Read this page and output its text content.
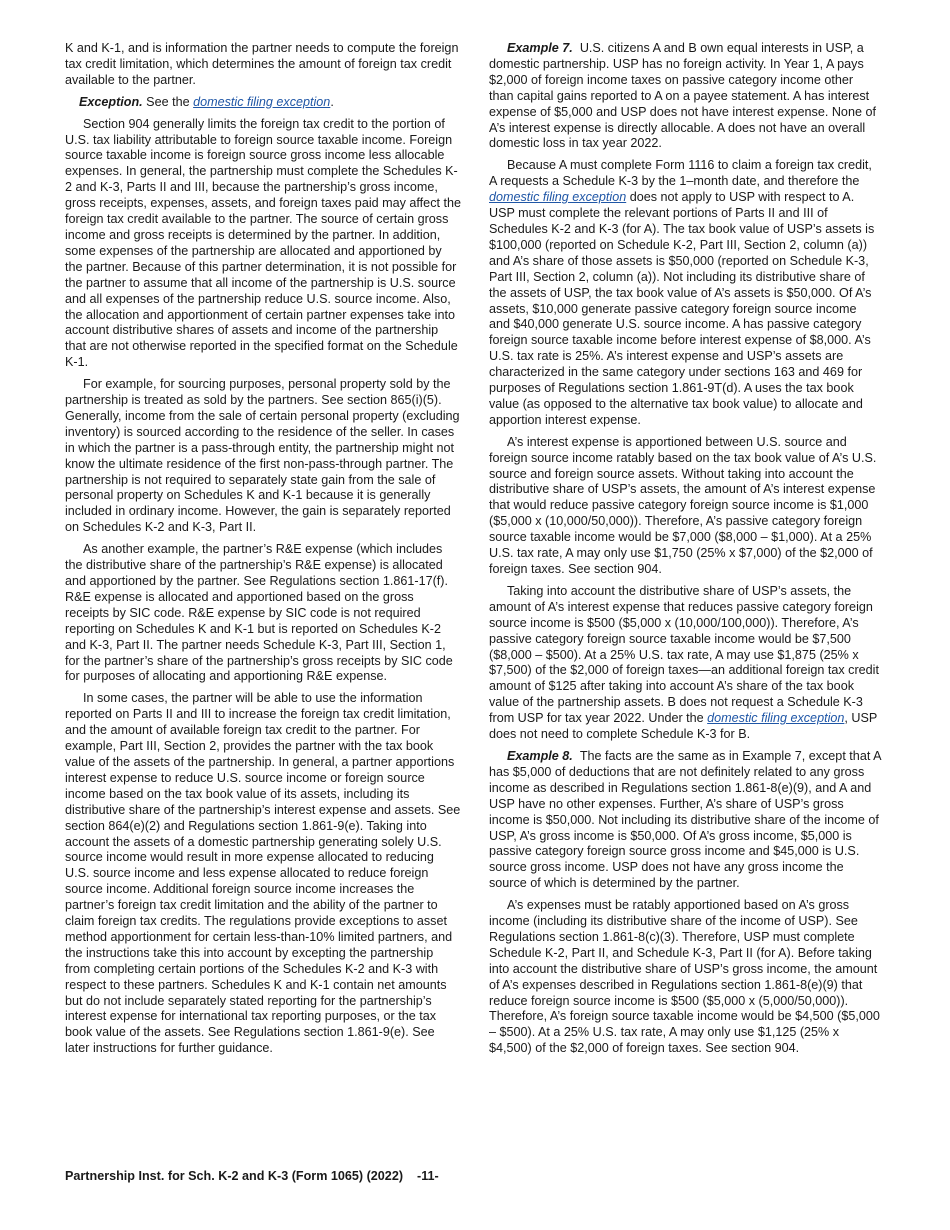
K and K-1, and is information the partner needs to compute the foreign tax credit limitation, which determines the amount of foreign tax credit available to the partner.

Exception. See the domestic filing exception.

Section 904 generally limits the foreign tax credit to the portion of U.S. tax liability attributable to foreign source taxable income. Foreign source taxable income is foreign source gross income less allocable expenses. In general, the partnership must complete the Schedules K-2 and K-3, Parts II and III, because the partnership’s gross income, gross receipts, expenses, assets, and foreign taxes paid may affect the foreign tax credit available to the partner. The source of certain gross income and gross receipts is determined by the partner. In addition, some expenses of the partnership are allocated and apportioned by the partner. Because of this partner determination, it is not possible for the partner to assume that all income of the partnership is U.S. source and all expenses of the partnership reduce U.S. source income. Also, the allocation and apportionment of certain partner expenses take into account distributive shares of assets and income of the partnership that are not otherwise reported in the specified format on the Schedule K-1.

For example, for sourcing purposes, personal property sold by the partnership is treated as sold by the partners. See section 865(i)(5). Generally, income from the sale of certain personal property (excluding inventory) is sourced according to the residence of the seller. In cases in which the partner is a pass-through entity, the partnership might not know the ultimate residence of the first non-pass-through partner. The partnership is not required to separately state gain from the sale of personal property on Schedules K and K-1 because it is generally included in ordinary income. However, the gain is separately reported on Schedules K-2 and K-3, Part II.

As another example, the partner’s R&E expense (which includes the distributive share of the partnership’s R&E expense) is allocated and apportioned by the partner. See Regulations section 1.861-17(f). R&E expense is allocated and apportioned based on the gross receipts by SIC code. R&E expense by SIC code is not required reporting on Schedules K and K-1 but is reported on Schedules K-2 and K-3, Part II. The partner needs Schedule K-3, Part III, Section 1, for the partner’s share of the partnership’s gross receipts by SIC code for purposes of allocating and apportioning R&E expense.

In some cases, the partner will be able to use the information reported on Parts II and III to increase the foreign tax credit limitation, and the amount of available foreign tax credit to the partner. For example, Part III, Section 2, provides the partner with the tax book value of the assets of the partnership. In general, a partner apportions interest expense to reduce U.S. source income or foreign source income based on the tax book value of its assets, including its distributive share of the partnership’s interest expense and assets. See section 864(e)(2) and Regulations section 1.861-9(e). Taking into account the assets of a domestic partnership generating solely U.S. source income would result in more expense allocated to reducing U.S. source income and less expense allocated to reduce foreign source income. Additional foreign source income increases the partner’s foreign tax credit limitation and the ability of the partner to claim foreign tax credits. The regulations provide exceptions to asset method apportionment for certain less-than-10% limited partners, and the instructions take this into account by excepting the partnership from completing certain portions of the Schedules K-2 and K-3 with respect to these partners. Schedules K and K-1 contain net amounts but do not include separately stated reporting for the partnership’s interest expense for international tax reporting purposes, or the tax book value of the assets. See Regulations section 1.861-9(e). See later instructions for further guidance.

Example 7. U.S. citizens A and B own equal interests in USP, a domestic partnership. USP has no foreign activity. In Year 1, A pays $2,000 of foreign income taxes on passive category income other than capital gains reported to A on a payee statement. A has interest expense of $5,000 and USP does not have interest expense. None of A’s interest expense is directly allocable. A does not have an overall domestic loss in tax year 2022.

Because A must complete Form 1116 to claim a foreign tax credit, A requests a Schedule K-3 by the 1–month date, and therefore the domestic filing exception does not apply to USP with respect to A. USP must complete the relevant portions of Parts II and III of Schedules K-2 and K-3 (for A). The tax book value of USP’s assets is $100,000 (reported on Schedule K-2, Part III, Section 2, column (a)) and A’s share of those assets is $50,000 (reported on Schedule K-3, Part III, Section 2, column (a)). Not including its distributive share of the assets of USP, the tax book value of A’s assets is $50,000. Of A’s assets, $10,000 generate passive category foreign source income and $40,000 generate U.S. source income. A has passive category foreign source taxable income before interest expense of $8,000. A’s U.S. tax rate is 25%. A’s interest expense and USP’s assets are characterized in the same category under sections 163 and 469 for purposes of Regulations section 1.861-9T(d). A uses the tax book value (as opposed to the alternative tax book value) to allocate and apportion interest expense.

A’s interest expense is apportioned between U.S. source and foreign source income ratably based on the tax book value of A’s U.S. source and foreign source assets. Without taking into account the distributive share of USP’s assets, the amount of A’s interest expense that would reduce passive category foreign source income is $1,000 ($5,000 x (10,000/50,000)). Therefore, A’s passive category foreign source taxable income would be $7,000 ($8,000 – $1,000). At a 25% U.S. tax rate, A may only use $1,750 (25% x $7,000) of the $2,000 of foreign taxes. See section 904.

Taking into account the distributive share of USP’s assets, the amount of A’s interest expense that reduces passive category foreign source income is $500 ($5,000 x (10,000/100,000)). Therefore, A’s passive category foreign source taxable income would be $7,500 ($8,000 – $500). At a 25% U.S. tax rate, A may use $1,875 (25% x $7,500) of the $2,000 of foreign taxes—an additional foreign tax credit amount of $125 after taking into account A’s share of the tax book value of the partnership assets. B does not request a Schedule K-3 from USP for tax year 2022. Under the domestic filing exception, USP does not need to complete Schedule K-3 for B.

Example 8. The facts are the same as in Example 7, except that A has $5,000 of deductions that are not definitely related to any gross income as described in Regulations section 1.861-8(e)(9), and A and USP have no other expenses. Further, A’s share of USP’s gross income is $50,000. Not including its distributive share of the income of USP, A’s gross income is $50,000. Of A’s gross income, $5,000 is passive category foreign source gross income and $45,000 is U.S. source gross income. USP does not have any gross income the source of which is determined by the partner.

A’s expenses must be ratably apportioned based on A’s gross income (including its distributive share of the income of USP). See Regulations section 1.861-8(c)(3). Therefore, USP must complete Schedule K-2, Part II, and Schedule K-3, Part II (for A). Before taking into account the distributive share of USP’s gross income, the amount of A’s expenses described in Regulations section 1.861-8(e)(9) that reduce foreign source income is $500 ($5,000 x (5,000/50,000)). Therefore, A’s foreign source taxable income would be $4,500 ($5,000 – $500). At a 25% U.S. tax rate, A may only use $1,125 (25% x $4,500) of the $2,000 of foreign taxes. See section 904.

Partnership Inst. for Sch. K-2 and K-3 (Form 1065) (2022) -11-
